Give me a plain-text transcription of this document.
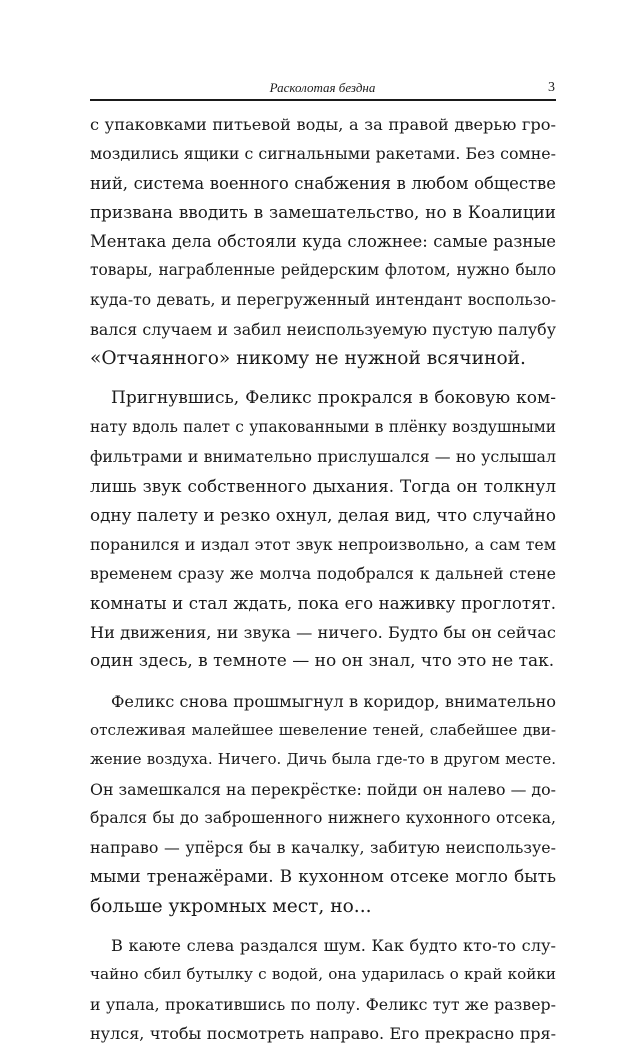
Расколотая бездна	3
с упаковками питьевой воды, а за правой дверью гро-
моздились ящики с сигнальными ракетами. Без сомне-
ний, система военного снабжения в любом обществе
призвана вводить в замешательство, но в Коалиции
Ментака дела обстояли куда сложнее: самые разные
товары, награбленные рейдерским флотом, нужно было
куда-то девать, и перегруженный интендант воспользо-
вался случаем и забил неиспользуемую пустую палубу
«Отчаянного» никому не нужной всячиной.
Пригнувшись, Феликс прокрался в боковую ком-
нату вдоль палет с упакованными в плёнку воздушными
фильтрами и внимательно прислушался — но услышал
лишь звук собственного дыхания. Тогда он толкнул
одну палету и резко охнул, делая вид, что случайно
поранился и издал этот звук непроизвольно, а сам тем
временем сразу же молча подобрался к дальней стене
комнаты и стал ждать, пока его наживку проглотят.
Ни движения, ни звука — ничего. Будто бы он сейчас
один здесь, в темноте — но он знал, что это не так.
Феликс снова прошмыгнул в коридор, внимательно
отслеживая малейшее шевеление теней, слабейшее дви-
жение воздуха. Ничего. Дичь была где-то в другом месте.
Он замешкался на перекрёстке: пойди он налево — до-
брался бы до заброшенного нижнего кухонного отсека,
направо — упёрся бы в качалку, забитую неиспользуе-
мыми тренажёрами. В кухонном отсеке могло быть
больше укромных мест, но...
В каюте слева раздался шум. Как будто кто-то слу-
чайно сбил бутылку с водой, она ударилась о край койки
и упала, прокатившись по полу. Феликс тут же развер-
нулся, чтобы посмотреть направо. Его прекрасно пря-
